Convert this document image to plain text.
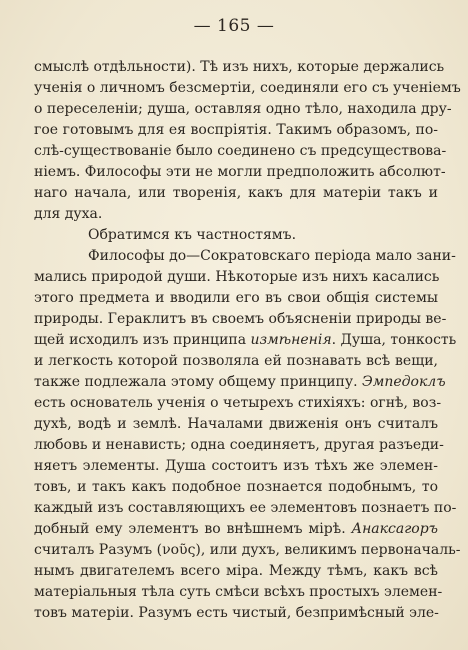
— 165 —
смыслѣ отдѣльности). Тѣ изъ нихъ, которые держались
ученія о личномъ безсмертіи, соединяли его съ ученіемъ
о переселеніи; душа, оставляя одно тѣло, находила дру-
гое готовымъ для ея воспріятія. Такимъ образомъ, по-
слѣ-существованіе было соединено съ предсуществова-
ніемъ. Философы эти не могли предположить абсолют-
наго начала, или творенія, какъ для матеріи такъ и
для духа.
Обратимся къ частностямъ.
Философы до—Сократовскаго періода мало зани-
мались природой души. Нѣкоторые изъ нихъ касались
этого предмета и вводили его въ свои общія системы
природы. Гераклитъ въ своемъ объясненіи природы ве-
щей исходилъ изъ принципа измѣненія. Душа, тонкость
и легкость которой позволяла ей познавать всѣ вещи,
также подлежала этому общему принципу. Эмпедоклъ
есть основатель ученія о четырехъ стихіяхъ: огнѣ, воз-
духѣ, водѣ и землѣ. Началами движенія онъ считалъ
любовь и ненависть; одна соединяетъ, другая разъеди-
няетъ элементы. Душа состоитъ изъ тѣхъ же элемен-
товъ, и такъ какъ подобное познается подобнымъ, то
каждый изъ составляющихъ ее элементовъ познаетъ по-
добный ему элементъ во внѣшнемъ мірѣ. Анаксагоръ
считалъ Разумъ (νοῦς), или духъ, великимъ первоначаль-
нымъ двигателемъ всего міра. Между тѣмъ, какъ всѣ
матеріальныя тѣла суть смѣси всѣхъ простыхъ элемен-
товъ матеріи. Разумъ есть чистый, безпримѣсный эле-
